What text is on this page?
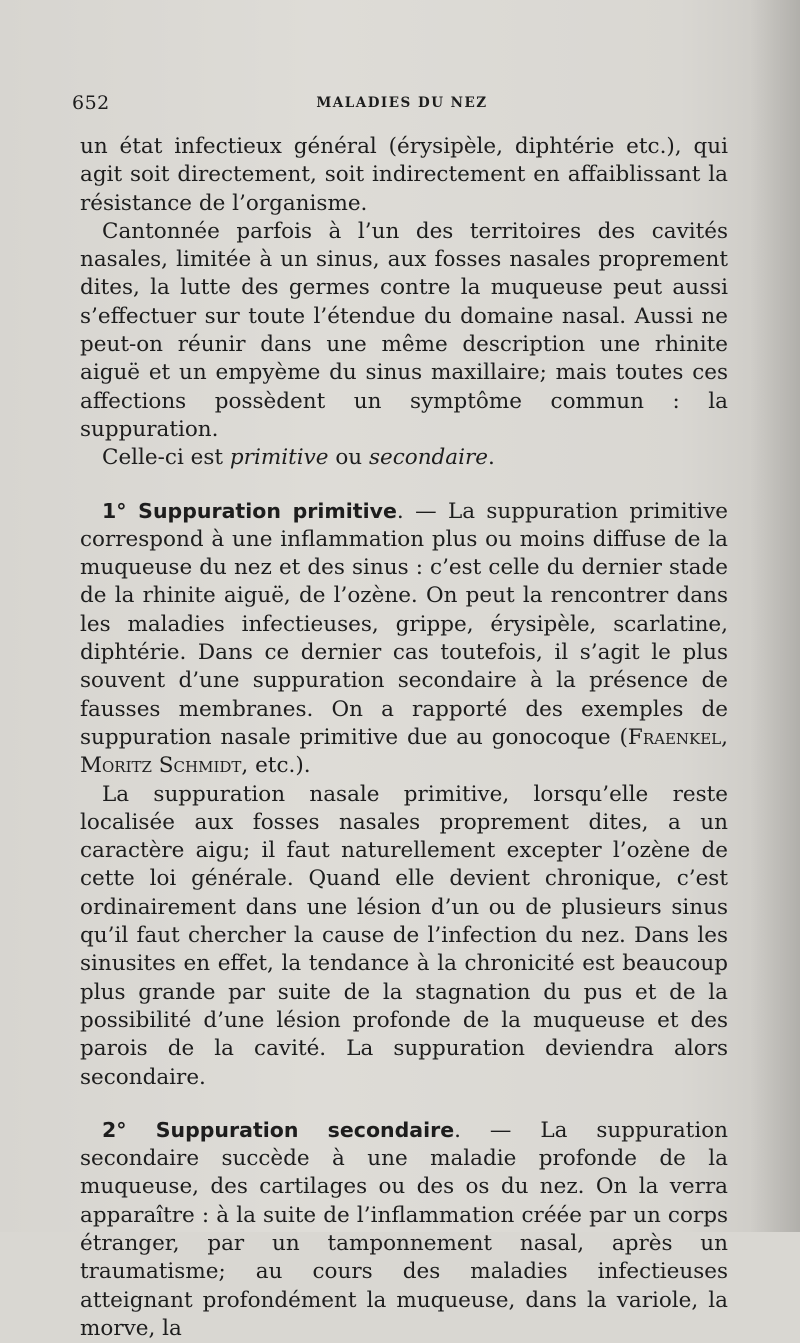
652	MALADIES DU NEZ

un état infectieux général (érysipèle, diphtérie etc.), qui agit soit directement, soit indirectement en affaiblissant la résistance de l’organisme.

Cantonnée parfois à l’un des territoires des cavités nasales, limitée à un sinus, aux fosses nasales proprement dites, la lutte des germes contre la muqueuse peut aussi s’effectuer sur toute l’étendue du domaine nasal. Aussi ne peut-on réunir dans une même description une rhinite aiguë et un empyème du sinus maxillaire; mais toutes ces affections possèdent un symptôme commun : la suppuration.

Celle-ci est primitive ou secondaire.

1° Suppuration primitive. — La suppuration primitive correspond à une inflammation plus ou moins diffuse de la muqueuse du nez et des sinus : c’est celle du dernier stade de la rhinite aiguë, de l’ozène. On peut la rencontrer dans les maladies infectieuses, grippe, érysipèle, scarlatine, diphtérie. Dans ce dernier cas toutefois, il s’agit le plus souvent d’une suppuration secondaire à la présence de fausses membranes. On a rapporté des exemples de suppuration nasale primitive due au gonocoque (Fraenkel, Moritz Schmidt, etc.).

La suppuration nasale primitive, lorsqu’elle reste localisée aux fosses nasales proprement dites, a un caractère aigu; il faut naturellement excepter l’ozène de cette loi générale. Quand elle devient chronique, c’est ordinairement dans une lésion d’un ou de plusieurs sinus qu’il faut chercher la cause de l’infection du nez. Dans les sinusites en effet, la tendance à la chronicité est beaucoup plus grande par suite de la stagnation du pus et de la possibilité d’une lésion profonde de la muqueuse et des parois de la cavité. La suppuration deviendra alors secondaire.

2° Suppuration secondaire. — La suppuration secondaire succède à une maladie profonde de la muqueuse, des cartilages ou des os du nez. On la verra apparaître : à la suite de l’inflammation créée par un corps étranger, par un tamponnement nasal, après un traumatisme; au cours des maladies infectieuses atteignant profondément la muqueuse, dans la variole, la morve, la
